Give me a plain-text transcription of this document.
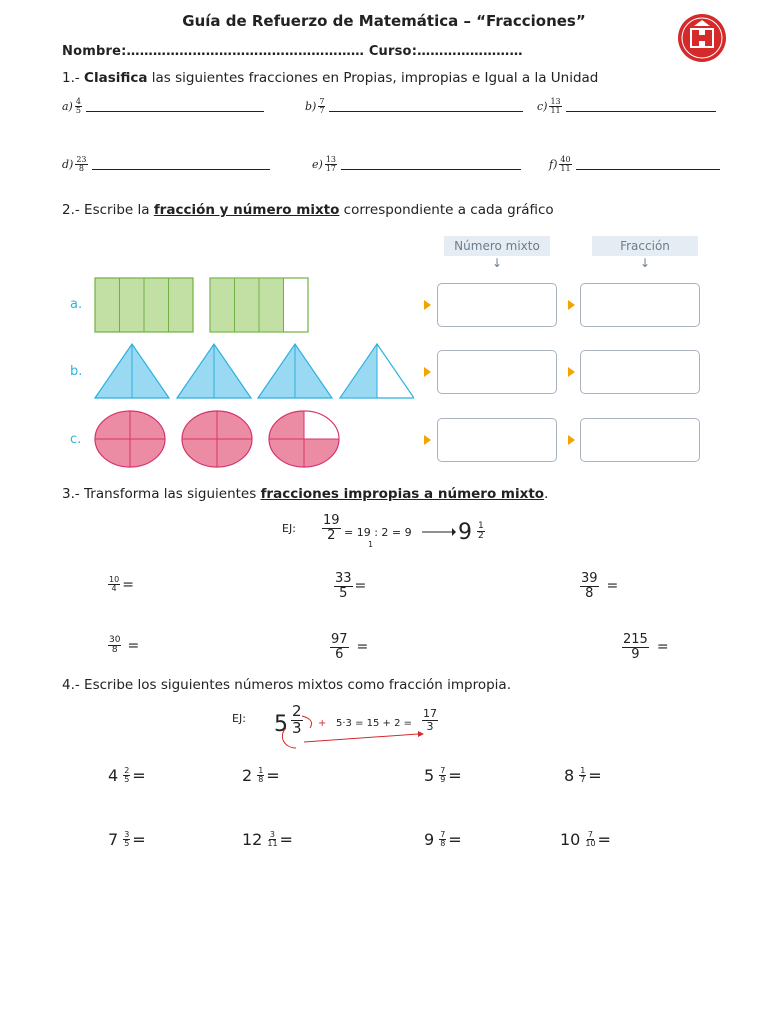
Guía de Refuerzo de Matemática – “Fracciones”
Nombre:……………………………………………… Curso:……………………
1.- Clasifica las siguientes fracciones en Propias, impropias e Igual a la Unidad
$a) \frac{4}{5}$	$b) \frac{7}{7}$	$c) \frac{13}{11}$
$d) \frac{23}{8}$	$e) \frac{13}{17}$	$f) \frac{40}{11}$
2.- Escribe la fracción y número mixto correspondiente a cada gráfico
Número mixto
↓
Fracción
↓
a.
b.
c.
3.- Transforma las siguientes fracciones impropias a número mixto.
EJ: $\frac{19}{2} = 19$ : 2 = 9
1	$9 \frac{1}{2}$
$\frac{10}{4}$ =	$\frac{33}{5}$ =	$\frac{39}{8}$ =
$\frac{30}{8}$ =	$\frac{97}{6}$ =	$\frac{215}{9}$ =
4.- Escribe los siguientes números mixtos como fracción impropia.
EJ: $5 \frac{2}{3} + 5\cdot 3 = 15 + 2 = \frac{17}{3}$
$4 \frac{2}{5}$ =	$2 \frac{1}{8}$ =	$5 \frac{7}{9}$ =	$8 \frac{1}{7}$ =
$7 \frac{3}{5}$ =	$12 \frac{3}{11}$ =	$9 \frac{7}{8}$ =	$10 \frac{7}{10}$ =
